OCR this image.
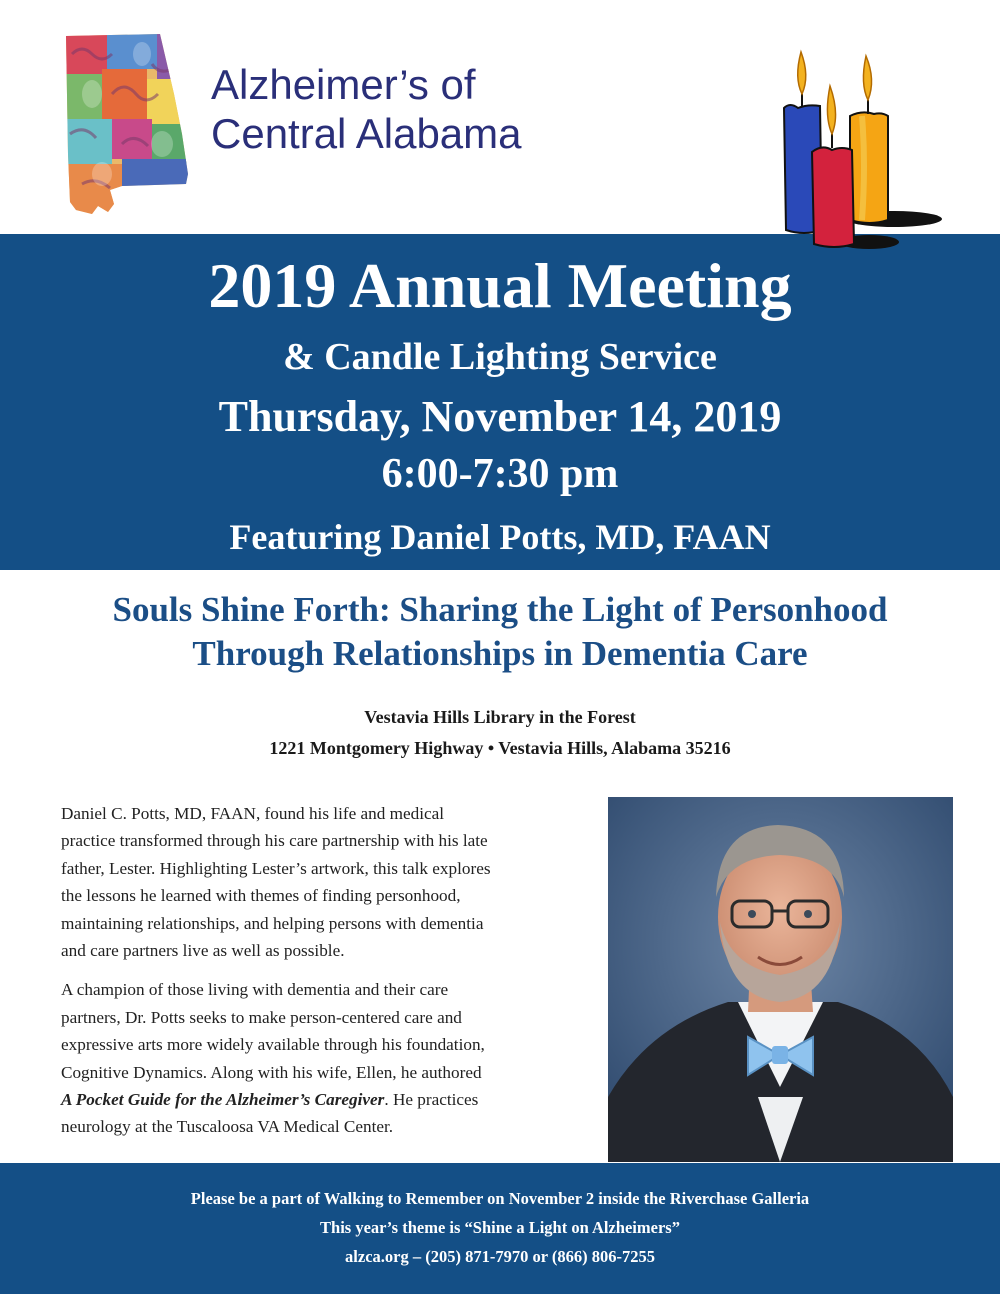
Alzheimer’s of
Central Alabama
2019 Annual Meeting
& Candle Lighting Service
Thursday, November 14, 2019
6:00-7:30 pm
Featuring Daniel Potts, MD, FAAN
Souls Shine Forth: Sharing the Light of Personhood
Through Relationships in Dementia Care
Vestavia Hills Library in the Forest
1221 Montgomery Highway • Vestavia Hills, Alabama 35216

Daniel C. Potts, MD, FAAN, found his life and medical
practice transformed through his care partnership with his late
father, Lester. Highlighting Lester’s artwork, this talk explores
the lessons he learned with themes of finding personhood,
maintaining relationships, and helping persons with dementia
and care partners live as well as possible.

A champion of those living with dementia and their care
partners, Dr. Potts seeks to make person-centered care and
expressive arts more widely available through his foundation,
Cognitive Dynamics. Along with his wife, Ellen, he authored
A Pocket Guide for the Alzheimer’s Caregiver. He practices
neurology at the Tuscaloosa VA Medical Center.

Please be a part of Walking to Remember on November 2 inside the Riverchase Galleria
This year’s theme is “Shine a Light on Alzheimers”
alzca.org – (205) 871-7970 or (866) 806-7255
